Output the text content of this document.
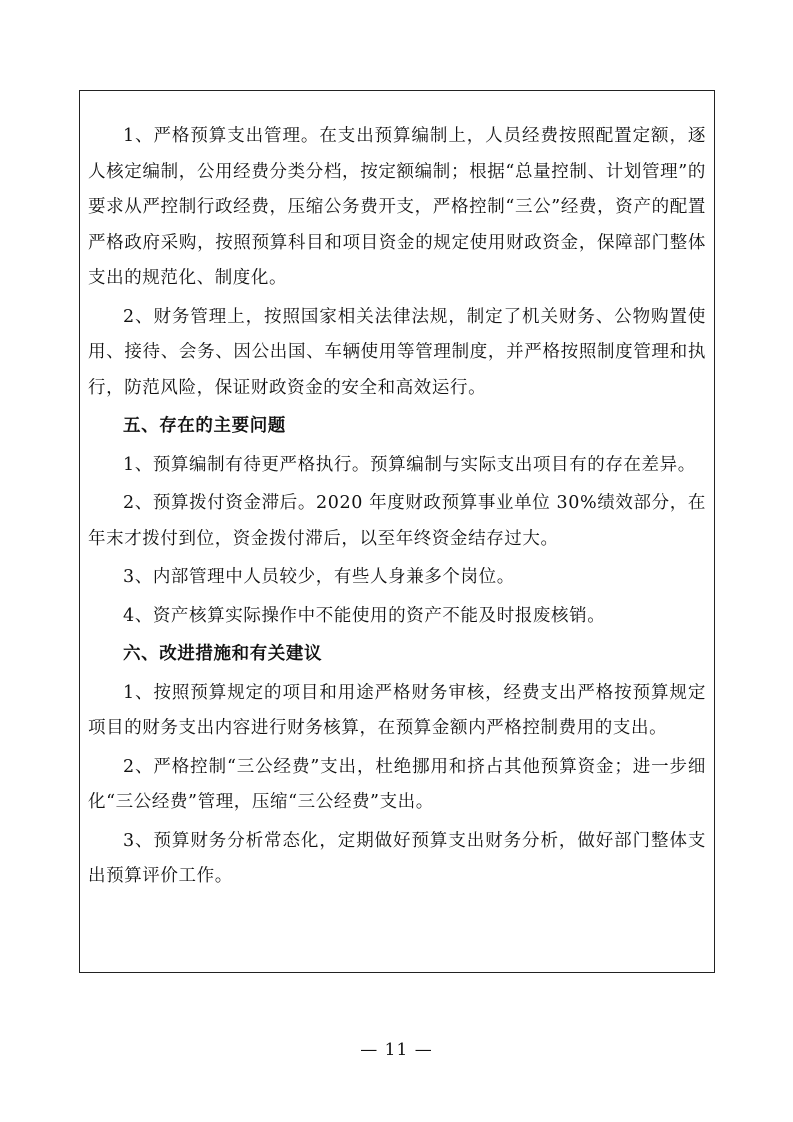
1、严格预算支出管理。在支出预算编制上，人员经费按照配置定额，逐人核定编制，公用经费分类分档，按定额编制；根据“总量控制、计划管理”的要求从严控制行政经费，压缩公务费开支，严格控制“三公”经费，资产的配置严格政府采购，按照预算科目和项目资金的规定使用财政资金，保障部门整体支出的规范化、制度化。

2、财务管理上，按照国家相关法律法规，制定了机关财务、公物购置使用、接待、会务、因公出国、车辆使用等管理制度，并严格按照制度管理和执行，防范风险，保证财政资金的安全和高效运行。

五、存在的主要问题

1、预算编制有待更严格执行。预算编制与实际支出项目有的存在差异。

2、预算拨付资金滞后。2020 年度财政预算事业单位 30%绩效部分，在年末才拨付到位，资金拨付滞后，以至年终资金结存过大。

3、内部管理中人员较少，有些人身兼多个岗位。

4、资产核算实际操作中不能使用的资产不能及时报废核销。

六、改进措施和有关建议

1、按照预算规定的项目和用途严格财务审核，经费支出严格按预算规定项目的财务支出内容进行财务核算，在预算金额内严格控制费用的支出。

2、严格控制“三公经费”支出，杜绝挪用和挤占其他预算资金；进一步细化“三公经费”管理，压缩“三公经费”支出。

3、预算财务分析常态化，定期做好预算支出财务分析，做好部门整体支出预算评价工作。

— 11 —
